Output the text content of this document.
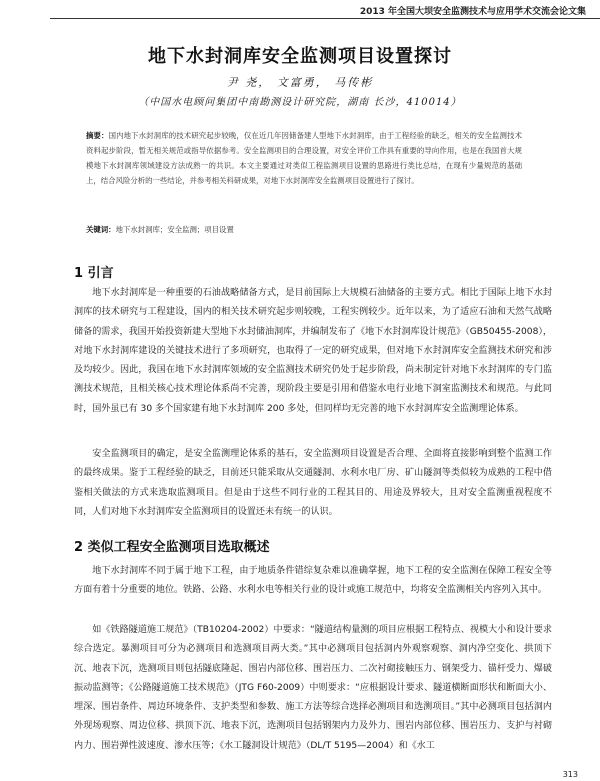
2013 年全国大坝安全监测技术与应用学术交流会论文集
地下水封洞库安全监测项目设置探讨
尹 尧， 文富勇， 马传彬
（中国水电顾问集团中南勘测设计研究院，湖南 长沙，410014）

摘要：国内地下水封洞库的技术研究起步较晚，仅在近几年因储备建人型地下水封洞库，由于工程经验的缺乏，相关的安全监测技术资料起步阶段，暂无相关规范或指导依据参考。安全监测项目的合理设置，对安全评价工作具有重要的导向作用，也是在我国首大规模地下水封洞库领域建设方法成熟一的共识。本文主要通过对类似工程监测项目设置的思路进行类比总结，在现有少量规范的基础上，结合风险分析的一些结论，并参考相关科研成果，对地下水封洞库安全监测项目设置进行了探讨。

关键词：地下水封洞库；安全监测；项目设置

1 引言

地下水封洞库是一种重要的石油战略储备方式，是目前国际上大规模石油储备的主要方式。相比于国际上地下水封洞库的技术研究与工程建设，国内的相关技术研究起步则较晚，工程实例较少。近年以来，为了适应石油和天然气战略储备的需求，我国开始投资新建大型地下水封储油洞库，并编制发布了《地下水封洞库设计规范》（GB50455-2008），对地下水封洞库建设的关键技术进行了多项研究，也取得了一定的研究成果，但对地下水封洞库安全监测技术研究和涉及均较少。因此，我国在地下水封洞库领域的安全监测技术研究仍处于起步阶段，尚未制定针对地下水封洞库的专门监测技术规范，且相关核心技术理论体系尚不完善，现阶段主要是引用和借鉴水电行业地下洞室监测技术和规范。与此同时，国外虽已有 30 多个国家建有地下水封洞库 200 多处，但同样均无完善的地下水封洞库安全监测理论体系。

安全监测项目的确定，是安全监测理论体系的基石，安全监测项目设置是否合理、全面将直接影响到整个监测工作的最终成果。鉴于工程经验的缺乏，目前还只能采取从交通隧洞、水利水电厂房、矿山隧洞等类似较为成熟的工程中借鉴相关做法的方式来选取监测项目。但是由于这些不同行业的工程其目的、用途及界较大，且对安全监测重视程度不同，人们对地下水封洞库安全监测项目的设置还未有统一的认识。

2 类似工程安全监测项目选取概述

地下水封洞库不同于属于地下工程，由于地质条件错综复杂难以准确掌握，地下工程的安全监测在保障工程安全等方面有着十分重要的地位。铁路、公路、水利水电等相关行业的设计或施工规范中，均将安全监测相关内容列入其中。

如《铁路隧道施工规范》（TB10204-2002）中要求：“隧道结构量测的项目应根据工程特点、视模大小和设计要求综合选定。暴测项目可分为必测项目和选测项目两大类。”其中必测项目包括洞内外观察观察、洞内净空变化、拱顶下沉、地表下沉，选测项目则包括隧底隆起、围岩内部位移、围岩压力、二次衬砌接触压力、钢架受力、锚杆受力、爆破振动监测等；《公路隧道施工技术规范》（JTG F60-2009）中则要求：“应根据设计要求、隧道横断面形状和断面大小、埋深、围岩条件、周边环境条件、支护类型和参数、施工方法等综合选择必测项目和选测项目。”其中必测项目包括洞内外现场观察、周边位移、拱顶下沉、地表下沉，选测项目包括钢架内力及外力、围岩内部位移、围岩压力、支护与衬砌内力、围岩弹性波速度、渗水压等；《水工隧洞设计规范》（DL/T 5195—2004）和《水工

313
